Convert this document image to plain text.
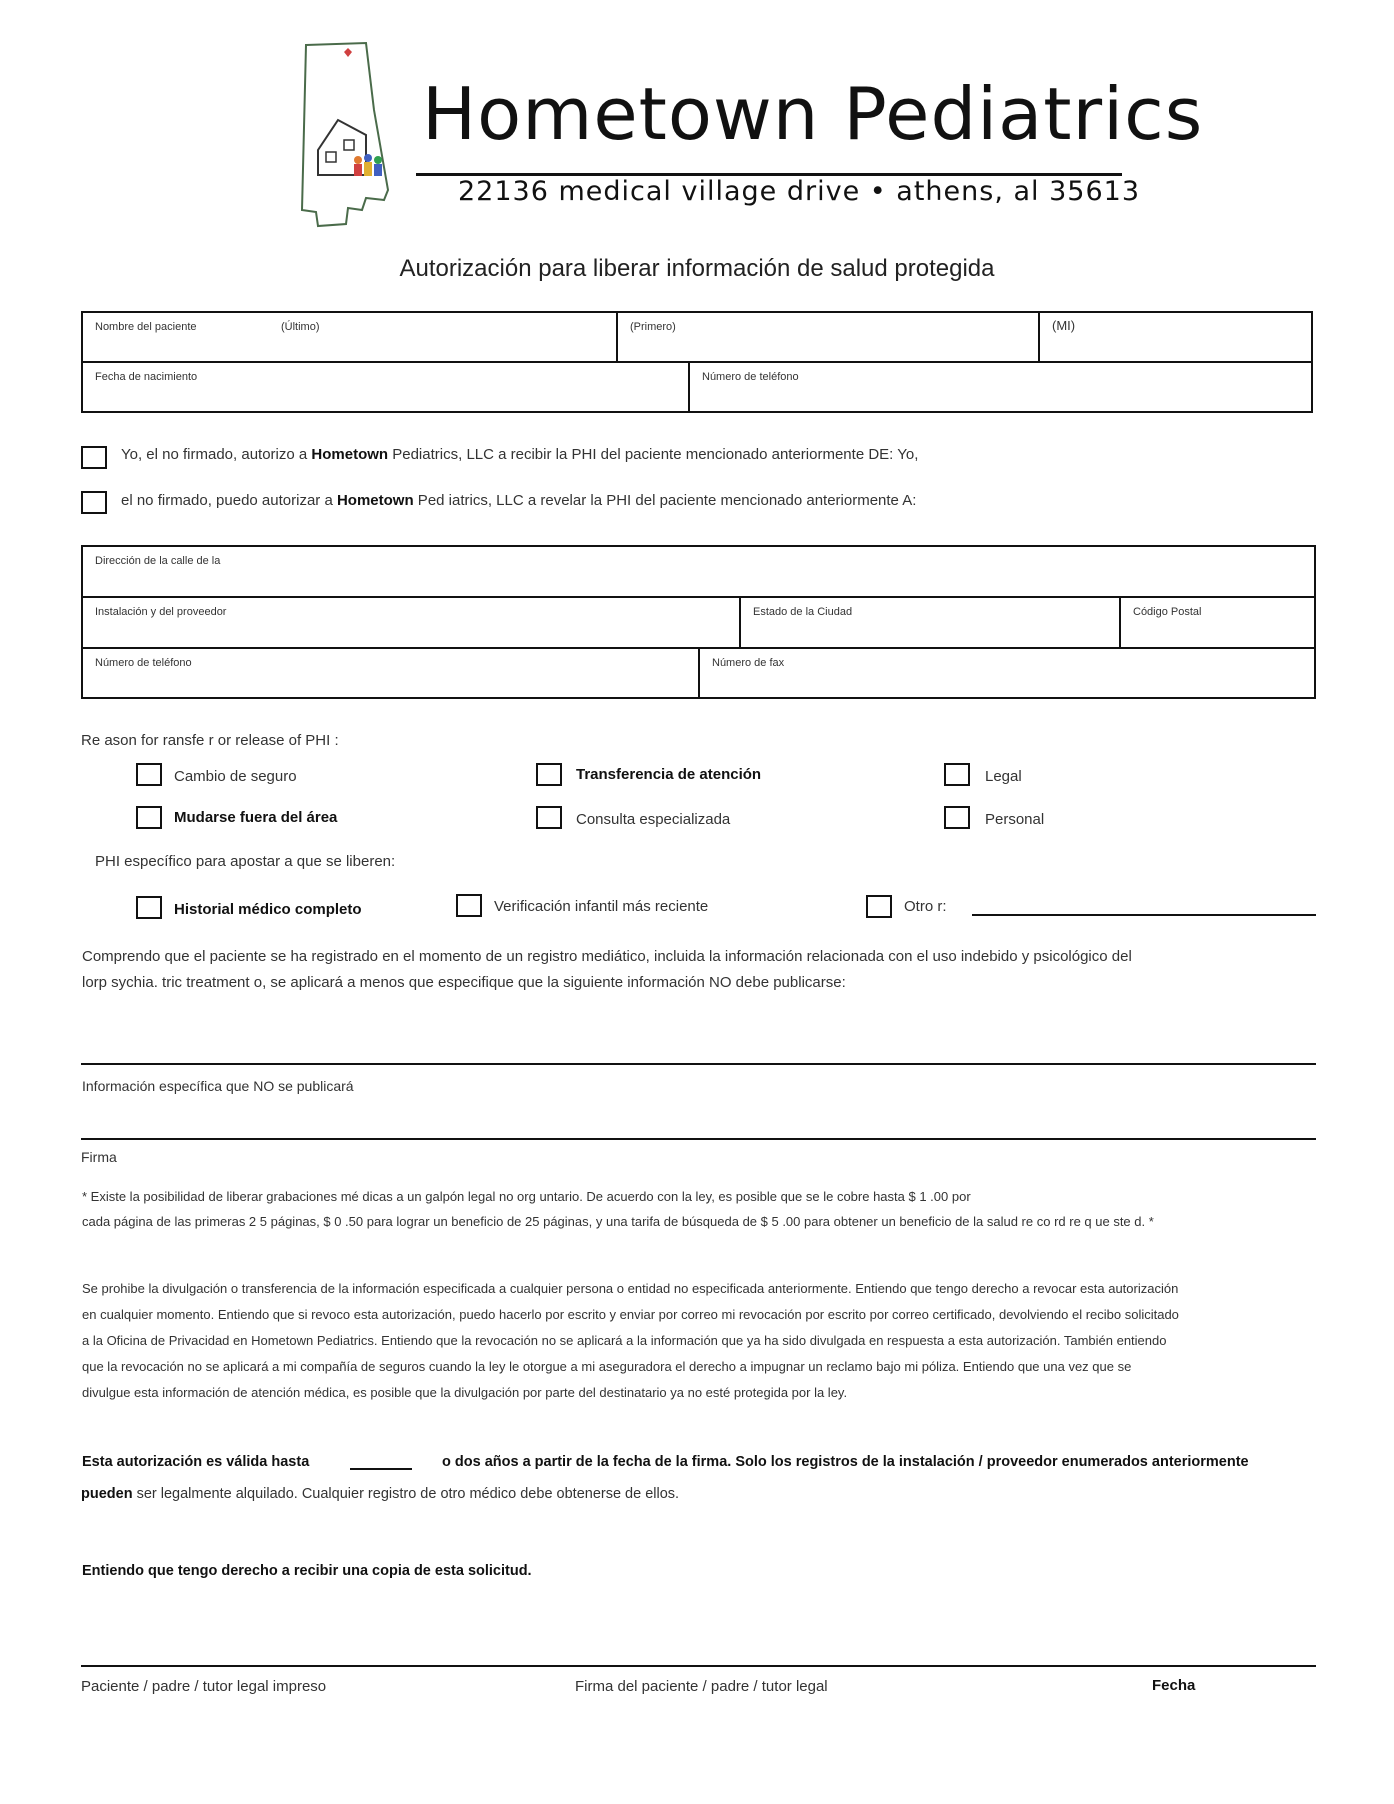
Hometown Pediatrics
22136 medical village drive • athens, al 35613
Autorización para liberar información de salud protegida
Nombre del paciente	(Último)	(Primero)	(MI)
Fecha de nacimiento	Número de teléfono
Yo, el no firmado, autorizo a Hometown Pediatrics, LLC a recibir la PHI del paciente mencionado anteriormente DE: Yo,
el no firmado, puedo autorizar a Hometown Ped iatrics, LLC a revelar la PHI del paciente mencionado anteriormente A:
Dirección de la calle de la
Instalación y del proveedor	Estado de la Ciudad	Código Postal
Número de teléfono	Número de fax
Re ason for ransfe r or release of PHI :
Cambio de seguro	Transferencia de atención	Legal
Mudarse fuera del área	Consulta especializada	Personal
PHI específico para apostar a que se liberen:
Historial médico completo	Verificación infantil más reciente	Otro r:
Comprendo que el paciente se ha registrado en el momento de un registro mediático, incluida la información relacionada con el uso indebido y psicológico del
lorp sychia. tric treatment o, se aplicará a menos que especifique que la siguiente información NO debe publicarse:
Información específica que NO se publicará
Firma
* Existe la posibilidad de liberar grabaciones mé dicas a un galpón legal no org untario. De acuerdo con la ley, es posible que se le cobre hasta $ 1 .00 por
cada página de las primeras 2 5 páginas, $ 0 .50 para lograr un beneficio de 25 páginas, y una tarifa de búsqueda de $ 5 .00 para obtener un beneficio de la salud re co rd re q ue ste d. *
Se prohibe la divulgación o transferencia de la información especificada a cualquier persona o entidad no especificada anteriormente. Entiendo que tengo derecho a revocar esta autorización
en cualquier momento. Entiendo que si revoco esta autorización, puedo hacerlo por escrito y enviar por correo mi revocación por escrito por correo certificado, devolviendo el recibo solicitado
a la Oficina de Privacidad en Hometown Pediatrics. Entiendo que la revocación no se aplicará a la información que ya ha sido divulgada en respuesta a esta autorización. También entiendo
que la revocación no se aplicará a mi compañía de seguros cuando la ley le otorgue a mi aseguradora el derecho a impugnar un reclamo bajo mi póliza. Entiendo que una vez que se
divulgue esta información de atención médica, es posible que la divulgación por parte del destinatario ya no esté protegida por la ley.
Esta autorización es válida hasta	o dos años a partir de la fecha de la firma. Solo los registros de la instalación / proveedor enumerados anteriormente
pueden ser legalmente alquilado. Cualquier registro de otro médico debe obtenerse de ellos.
Entiendo que tengo derecho a recibir una copia de esta solicitud.
Paciente / padre / tutor legal impreso	Firma del paciente / padre / tutor legal	Fecha
